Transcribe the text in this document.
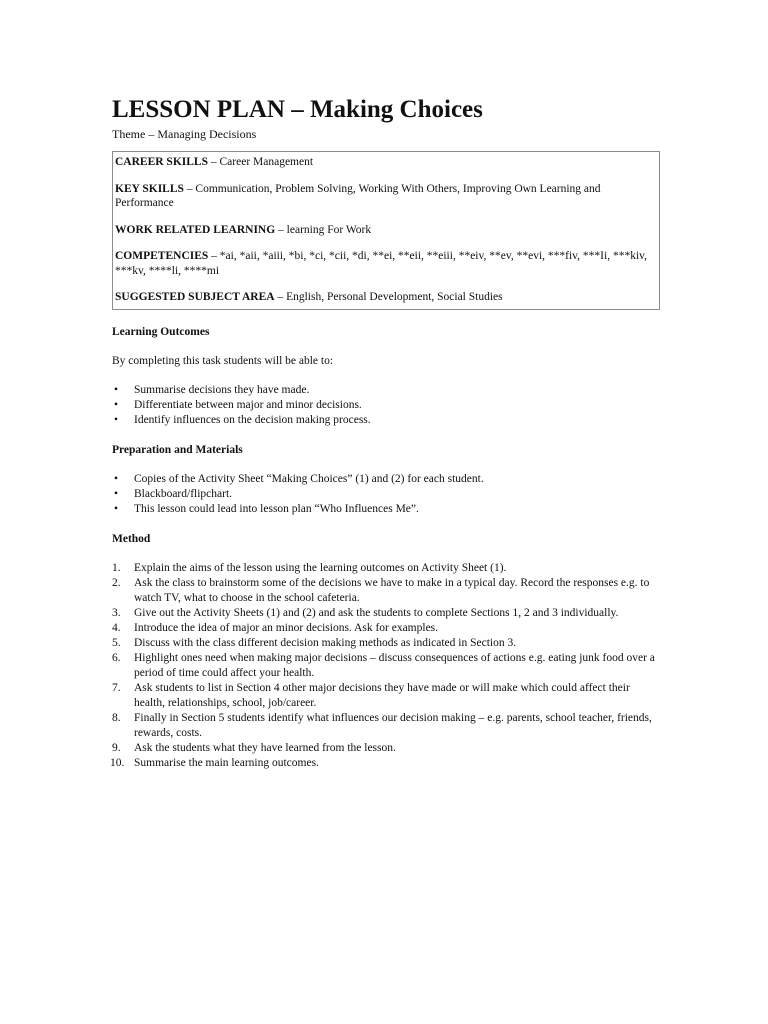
LESSON PLAN – Making Choices
Theme – Managing Decisions

CAREER SKILLS – Career Management

KEY SKILLS – Communication, Problem Solving, Working With Others, Improving Own Learning and Performance

WORK RELATED LEARNING – learning For Work

COMPETENCIES – *ai, *aii, *aiii, *bi, *ci, *cii, *di, **ei, **eii, **eiii, **eiv, **ev, **evi, ***fiv, ***Ii, ***kiv, ***kv, ****li, ****mi

SUGGESTED SUBJECT AREA – English, Personal Development, Social Studies

Learning Outcomes
By completing this task students will be able to:
• Summarise decisions they have made.
• Differentiate between major and minor decisions.
• Identify influences on the decision making process.
Preparation and Materials
• Copies of the Activity Sheet “Making Choices” (1) and (2) for each student.
• Blackboard/flipchart.
• This lesson could lead into lesson plan “Who Influences Me”.
Method
1. Explain the aims of the lesson using the learning outcomes on Activity Sheet (1).
2. Ask the class to brainstorm some of the decisions we have to make in a typical day. Record the responses e.g. to watch TV, what to choose in the school cafeteria.
3. Give out the Activity Sheets (1) and (2) and ask the students to complete Sections 1, 2 and 3 individually.
4. Introduce the idea of major an minor decisions. Ask for examples.
5. Discuss with the class different decision making methods as indicated in Section 3.
6. Highlight ones need when making major decisions – discuss consequences of actions e.g. eating junk food over a period of time could affect your health.
7. Ask students to list in Section 4 other major decisions they have made or will make which could affect their health, relationships, school, job/career.
8. Finally in Section 5 students identify what influences our decision making – e.g. parents, school teacher, friends, rewards, costs.
9. Ask the students what they have learned from the lesson.
10. Summarise the main learning outcomes.
